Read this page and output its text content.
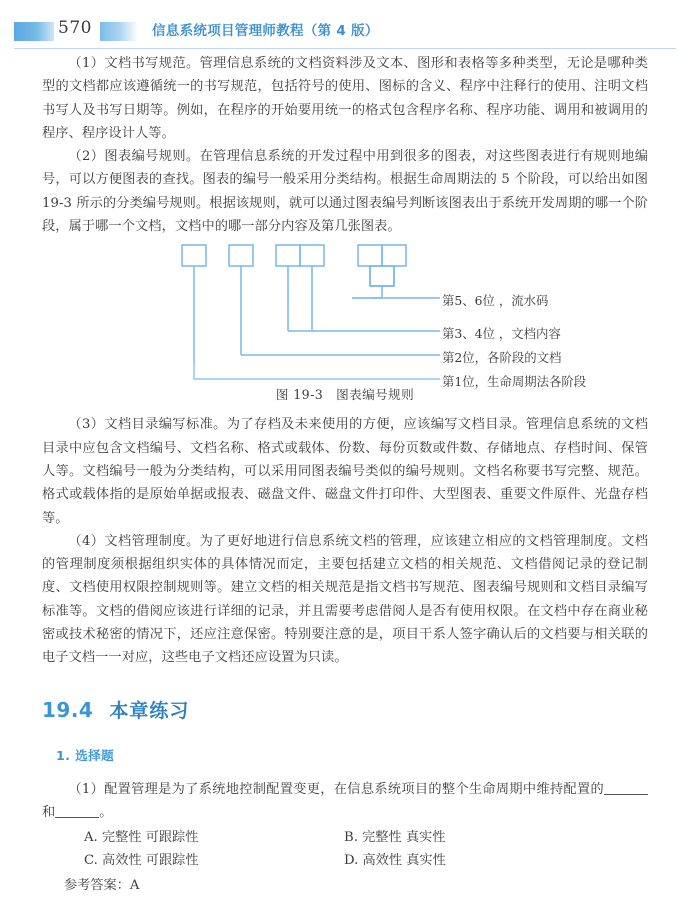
570	信息系统项目管理师教程（第 4 版）

（1）文档书写规范。管理信息系统的文档资料涉及文本、图形和表格等多种类型，无论是哪种类型的文档都应该遵循统一的书写规范，包括符号的使用、图标的含义、程序中注释行的使用、注明文档书写人及书写日期等。例如，在程序的开始要用统一的格式包含程序名称、程序功能、调用和被调用的程序、程序设计人等。

（2）图表编号规则。在管理信息系统的开发过程中用到很多的图表，对这些图表进行有规则地编号，可以方便图表的查找。图表的编号一般采用分类结构。根据生命周期法的 5 个阶段，可以给出如图 19-3 所示的分类编号规则。根据该规则，就可以通过图表编号判断该图表出于系统开发周期的哪一个阶段，属于哪一个文档，文档中的哪一部分内容及第几张图表。

第5、6位 ，流水码
第3、4位 ，文档内容
第2位，各阶段的文档
第1位，生命周期法各阶段
图 19-3　图表编号规则

（3）文档目录编写标准。为了存档及未来使用的方便，应该编写文档目录。管理信息系统的文档目录中应包含文档编号、文档名称、格式或载体、份数、每份页数或件数、存储地点、存档时间、保管人等。文档编号一般为分类结构，可以采用同图表编号类似的编号规则。文档名称要书写完整、规范。格式或载体指的是原始单据或报表、磁盘文件、磁盘文件打印件、大型图表、重要文件原件、光盘存档等。

（4）文档管理制度。为了更好地进行信息系统文档的管理，应该建立相应的文档管理制度。文档的管理制度须根据组织实体的具体情况而定，主要包括建立文档的相关规范、文档借阅记录的登记制度、文档使用权限控制规则等。建立文档的相关规范是指文档书写规范、图表编号规则和文档目录编写标准等。文档的借阅应该进行详细的记录，并且需要考虑借阅人是否有使用权限。在文档中存在商业秘密或技术秘密的情况下，还应注意保密。特别要注意的是，项目干系人签字确认后的文档要与相关联的电子文档一一对应，这些电子文档还应设置为只读。

19.4 本章练习
1. 选择题
（1）配置管理是为了系统地控制配置变更，在信息系统项目的整个生命周期中维持配置的和	。
A. 完整性 可跟踪性	B. 完整性 真实性
C. 高效性 可跟踪性	D. 高效性 真实性
参考答案：A
